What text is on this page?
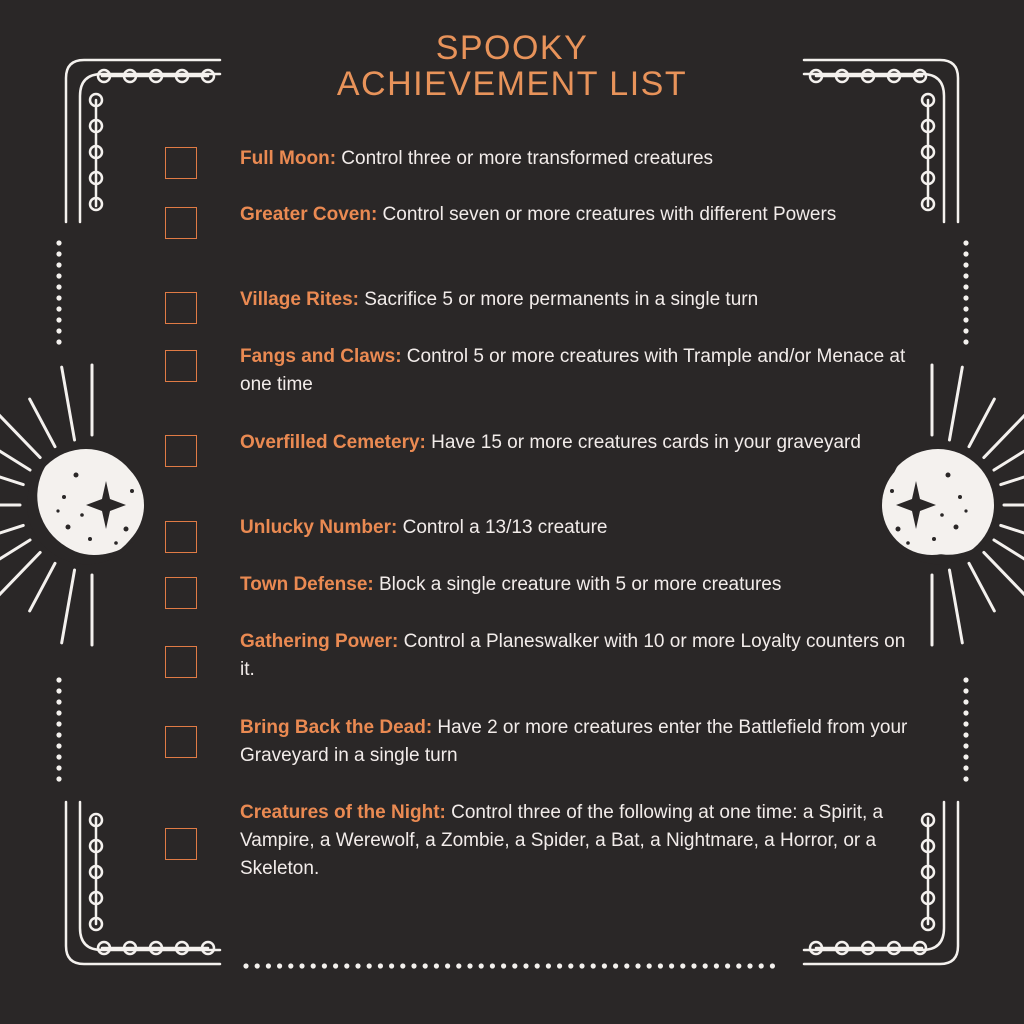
SPOOKY
ACHIEVEMENT LIST
Full Moon: Control three or more transformed creatures
Greater Coven: Control seven or more creatures with different Powers
Village Rites: Sacrifice 5 or more permanents in a single turn
Fangs and Claws: Control 5 or more creatures with Trample and/or Menace at one time
Overfilled Cemetery: Have 15 or more creatures cards in your graveyard
Unlucky Number: Control a 13/13 creature
Town Defense: Block a single creature with 5 or more creatures
Gathering Power: Control a Planeswalker with 10 or more Loyalty counters on it.
Bring Back the Dead: Have 2 or more creatures enter the Battlefield from your Graveyard in a single turn
Creatures of the Night: Control three of the following at one time: a Spirit, a Vampire, a Werewolf, a Zombie, a Spider, a Bat, a Nightmare, a Horror, or a Skeleton.
